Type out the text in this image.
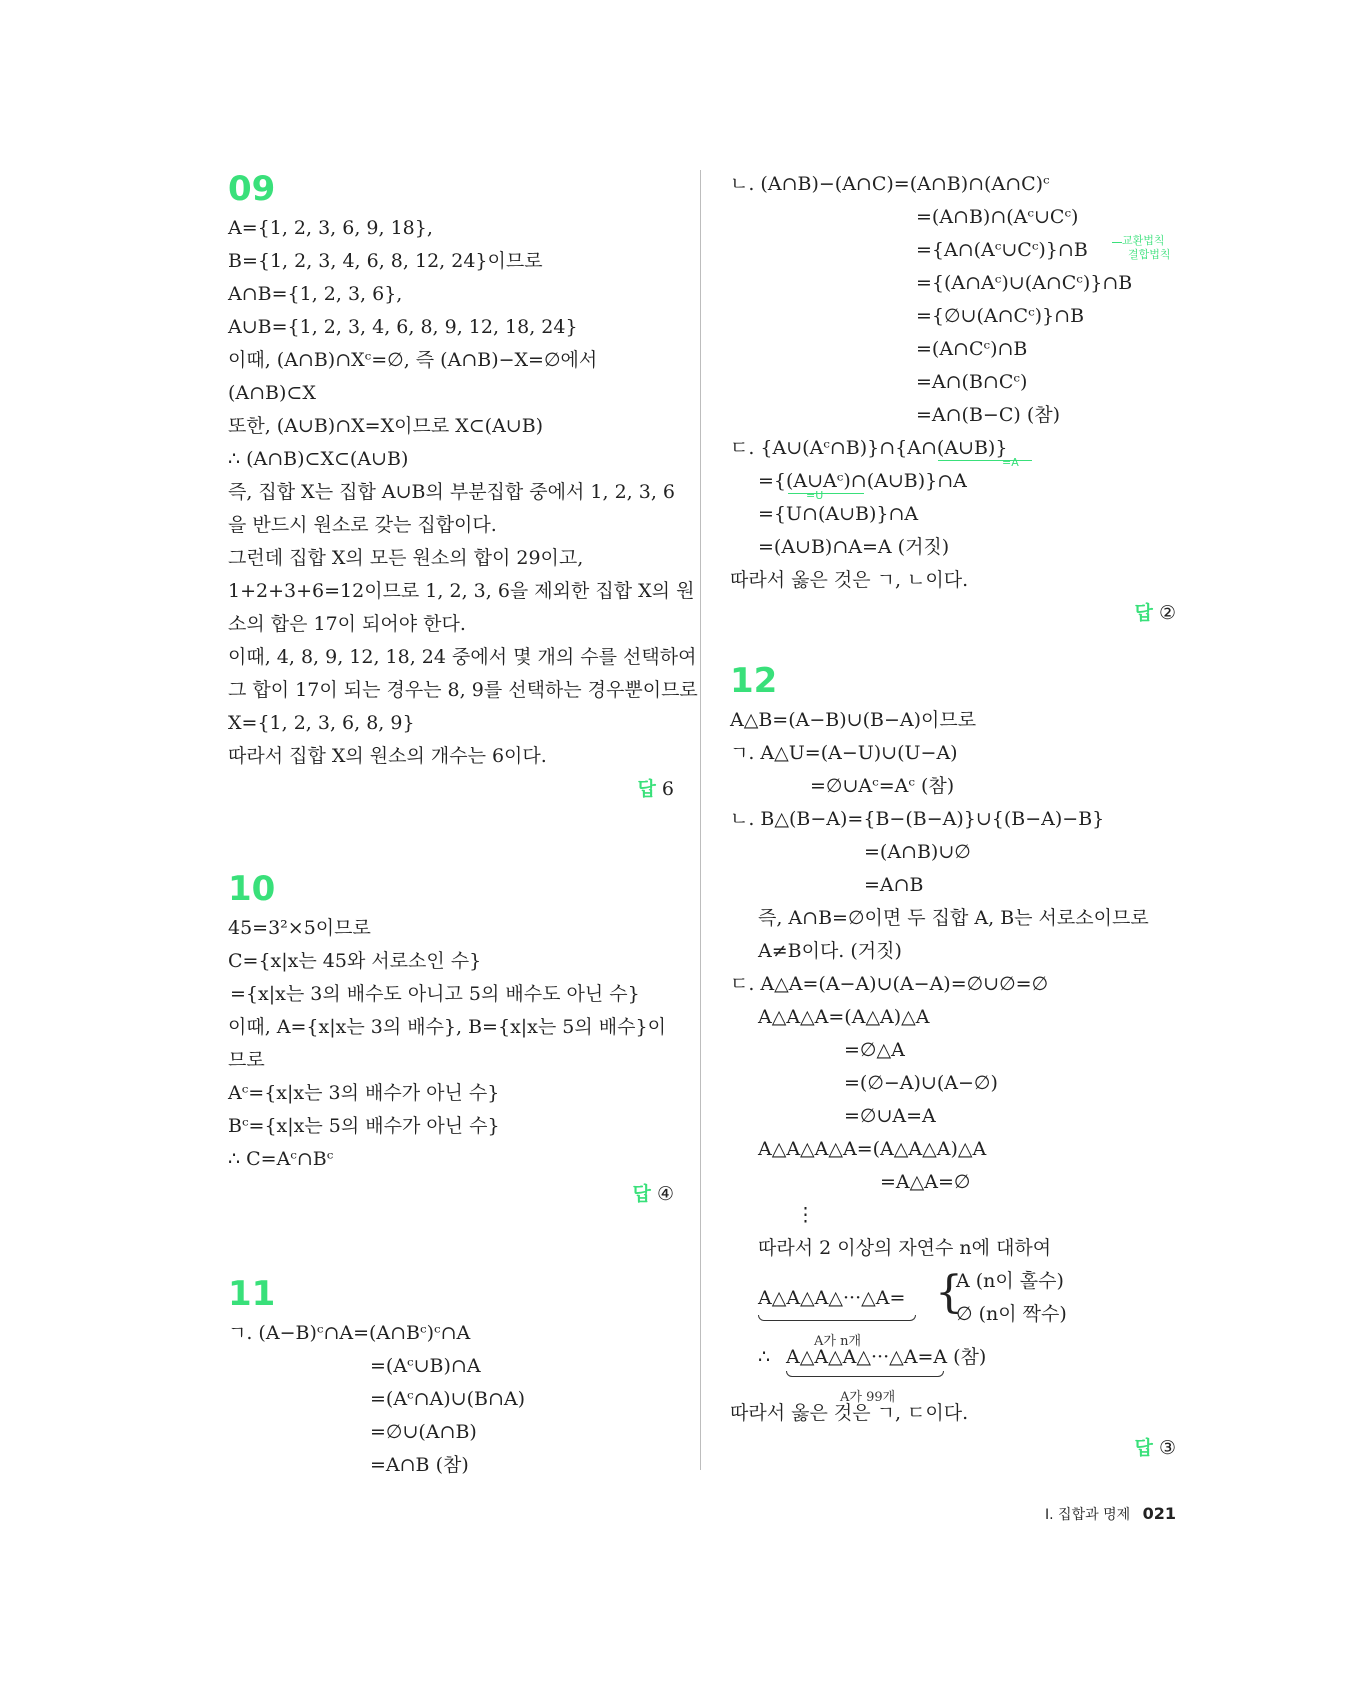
09
A={1, 2, 3, 6, 9, 18},
B={1, 2, 3, 4, 6, 8, 12, 24}이므로
A∩B={1, 2, 3, 6},
A∪B={1, 2, 3, 4, 6, 8, 9, 12, 18, 24}
이때, (A∩B)∩Xᶜ=∅, 즉 (A∩B)−X=∅에서
(A∩B)⊂X
또한, (A∪B)∩X=X이므로 X⊂(A∪B)
∴ (A∩B)⊂X⊂(A∪B)
즉, 집합 X는 집합 A∪B의 부분집합 중에서 1, 2, 3, 6
을 반드시 원소로 갖는 집합이다.
그런데 집합 X의 모든 원소의 합이 29이고,
1+2+3+6=12이므로 1, 2, 3, 6을 제외한 집합 X의 원
소의 합은 17이 되어야 한다.
이때, 4, 8, 9, 12, 18, 24 중에서 몇 개의 수를 선택하여
그 합이 17이 되는 경우는 8, 9를 선택하는 경우뿐이므로
X={1, 2, 3, 6, 8, 9}
따라서 집합 X의 원소의 개수는 6이다.
답 6
10
45=3²×5이므로
C={x|x는 45와 서로소인 수}
={x|x는 3의 배수도 아니고 5의 배수도 아닌 수}
이때, A={x|x는 3의 배수}, B={x|x는 5의 배수}이
므로
Aᶜ={x|x는 3의 배수가 아닌 수}
Bᶜ={x|x는 5의 배수가 아닌 수}
∴ C=Aᶜ∩Bᶜ
답 ④
11
ㄱ. (A−B)ᶜ∩A=(A∩Bᶜ)ᶜ∩A
=(Aᶜ∪B)∩A
=(Aᶜ∩A)∪(B∩A)
=∅∪(A∩B)
=A∩B (참)
ㄴ. (A∩B)−(A∩C)=(A∩B)∩(A∩C)ᶜ
=(A∩B)∩(Aᶜ∪Cᶜ)
={A∩(Aᶜ∪Cᶜ)}∩B	교환법칙
결합법칙
={(A∩Aᶜ)∪(A∩Cᶜ)}∩B
={∅∪(A∩Cᶜ)}∩B
=(A∩Cᶜ)∩B
=A∩(B∩Cᶜ)
=A∩(B−C) (참)
ㄷ. {A∪(Aᶜ∩B)}∩{A∩(A∪B)}
=A
={(A∪Aᶜ)∩(A∪B)}∩A
=U
={U∩(A∪B)}∩A
=(A∪B)∩A=A (거짓)
따라서 옳은 것은 ㄱ, ㄴ이다.
답 ②
12
A△B=(A−B)∪(B−A)이므로
ㄱ. A△U=(A−U)∪(U−A)
=∅∪Aᶜ=Aᶜ (참)
ㄴ. B△(B−A)={B−(B−A)}∪{(B−A)−B}
=(A∩B)∪∅
=A∩B
즉, A∩B=∅이면 두 집합 A, B는 서로소이므로
A≠B이다. (거짓)
ㄷ. A△A=(A−A)∪(A−A)=∅∪∅=∅
A△A△A=(A△A)△A
=∅△A
=(∅−A)∪(A−∅)
=∅∪A=A
A△A△A△A=(A△A△A)△A
=A△A=∅
⋮
따라서 2 이상의 자연수 n에 대하여
A△A△A△···△A=
A가 n개
{
A (n이 홀수)
∅ (n이 짝수)
∴ A△A△A△···△A=A (참)
A가 99개
따라서 옳은 것은 ㄱ, ㄷ이다.
답 ③
I. 집합과 명제 021
